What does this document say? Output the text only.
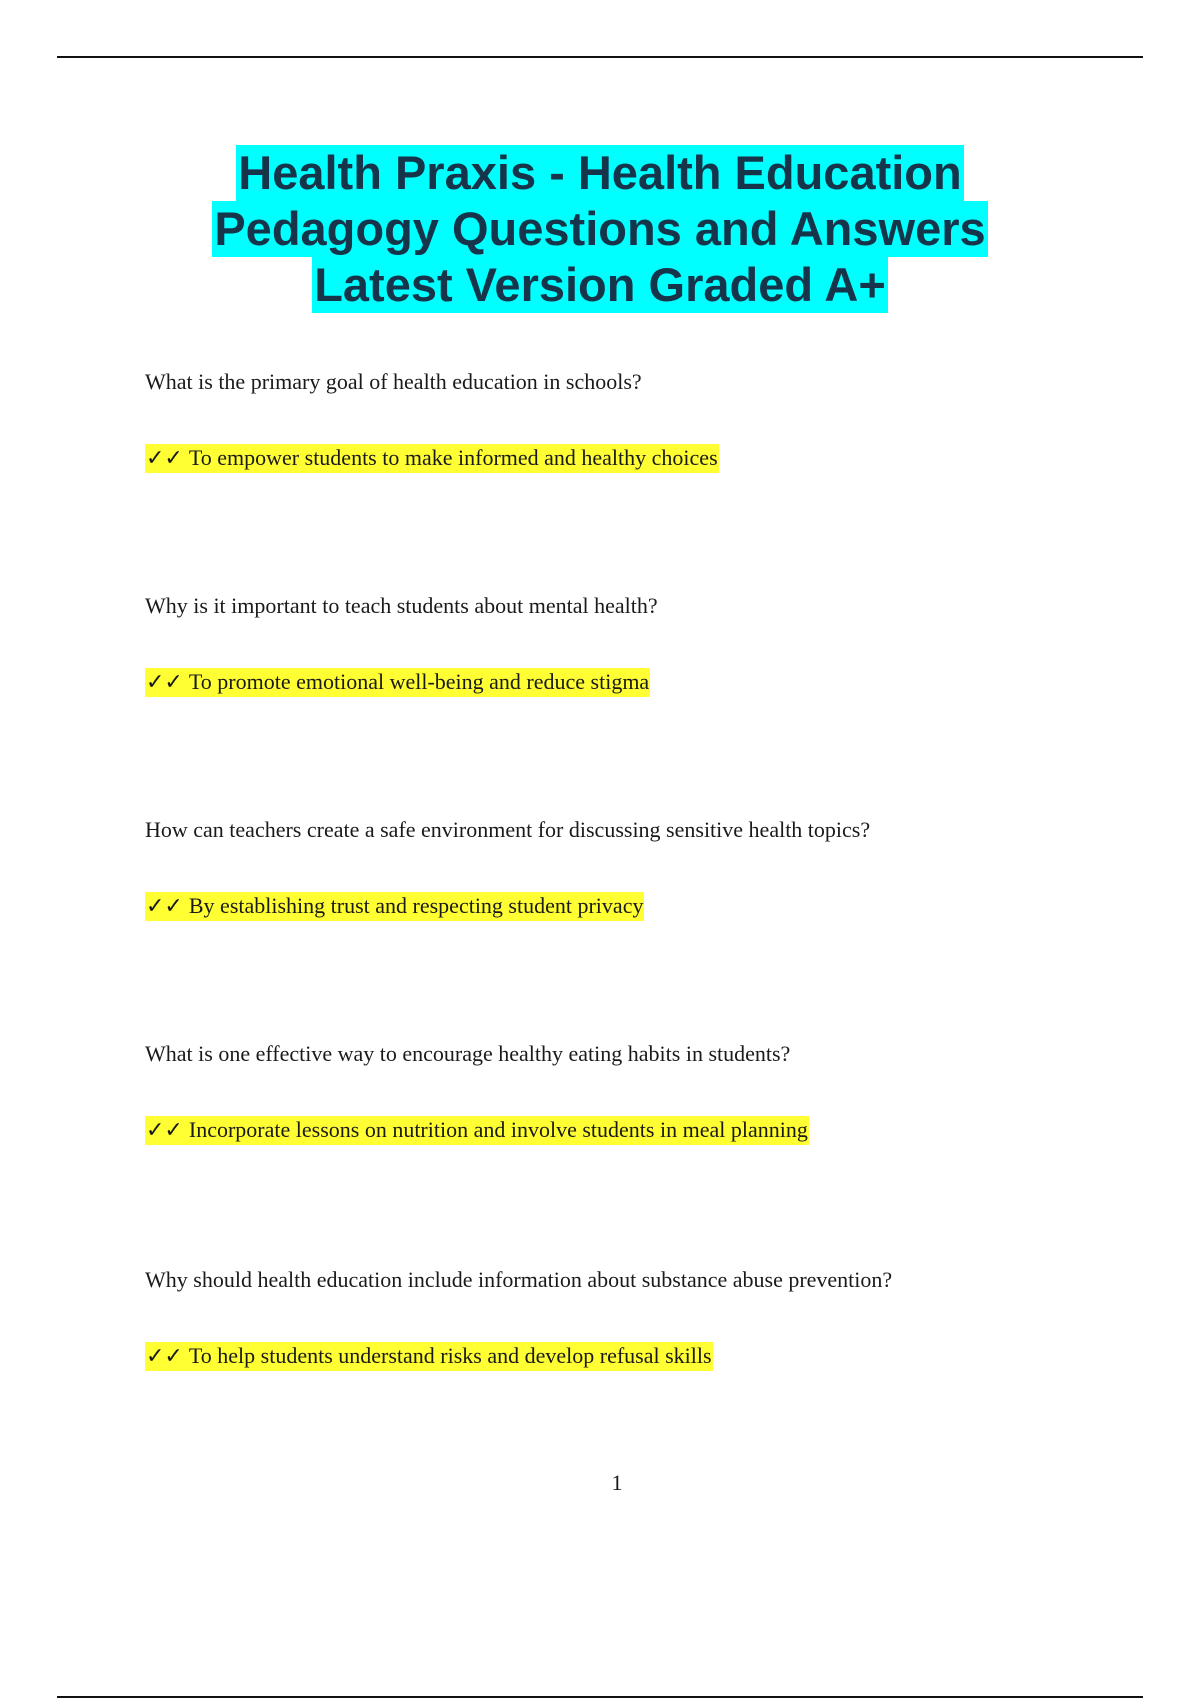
Health Praxis - Health Education
Pedagogy Questions and Answers
Latest Version Graded A+
What is the primary goal of health education in schools?
✓✓ To empower students to make informed and healthy choices
Why is it important to teach students about mental health?
✓✓ To promote emotional well-being and reduce stigma
How can teachers create a safe environment for discussing sensitive health topics?
✓✓ By establishing trust and respecting student privacy
What is one effective way to encourage healthy eating habits in students?
✓✓ Incorporate lessons on nutrition and involve students in meal planning
Why should health education include information about substance abuse prevention?
✓✓ To help students understand risks and develop refusal skills
1
